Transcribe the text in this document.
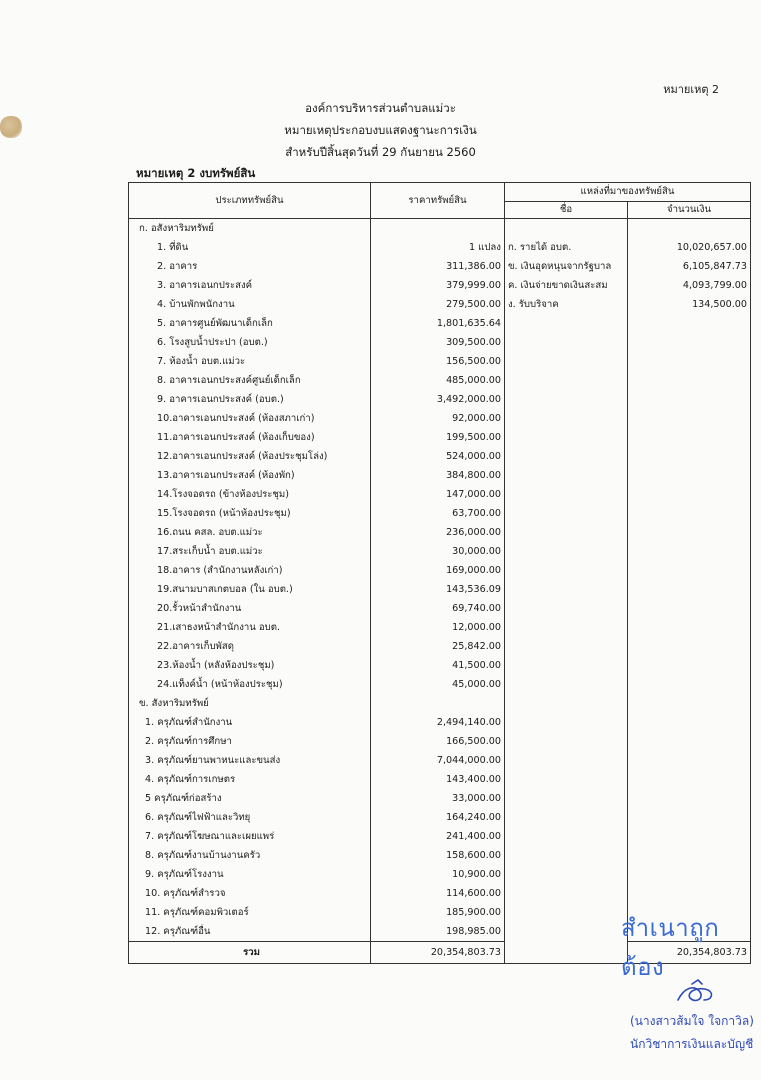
หมายเหตุ 2
องค์การบริหารส่วนตำบลแม่วะ
หมายเหตุประกอบงบแสดงฐานะการเงิน
สำหรับปีสิ้นสุดวันที่ 29 กันยายน 2560
หมายเหตุ 2 งบทรัพย์สิน
ประเภททรัพย์สิน	ราคาทรัพย์สิน	แหล่งที่มาของทรัพย์สิน	
		ชื่อ	จำนวนเงิน
ก. อสังหาริมทรัพย์			
1. ที่ดิน	1 แปลง	ก. รายได้ อบต.	10,020,657.00
2. อาคาร	311,386.00	ข. เงินอุดหนุนจากรัฐบาล	6,105,847.73
3. อาคารเอนกประสงค์	379,999.00	ค. เงินจ่ายขาดเงินสะสม	4,093,799.00
4. บ้านพักพนักงาน	279,500.00	ง. รับบริจาค	134,500.00
5. อาคารศูนย์พัฒนาเด็กเล็ก	1,801,635.64		
6. โรงสูบน้ำประปา (อบต.)	309,500.00		
7. ห้องน้ำ อบต.แม่วะ	156,500.00		
8. อาคารเอนกประสงค์ศูนย์เด็กเล็ก	485,000.00		
9. อาคารเอนกประสงค์ (อบต.)	3,492,000.00		
10.อาคารเอนกประสงค์ (ห้องสภาเก่า)	92,000.00		
11.อาคารเอนกประสงค์ (ห้องเก็บของ)	199,500.00		
12.อาคารเอนกประสงค์ (ห้องประชุมโล่ง)	524,000.00		
13.อาคารเอนกประสงค์ (ห้องพัก)	384,800.00		
14.โรงจอดรถ (ข้างห้องประชุม)	147,000.00		
15.โรงจอดรถ (หน้าห้องประชุม)	63,700.00		
16.ถนน คสล. อบต.แม่วะ	236,000.00		
17.สระเก็บน้ำ อบต.แม่วะ	30,000.00		
18.อาคาร (สำนักงานหลังเก่า)	169,000.00		
19.สนามบาสเกตบอล (ใน อบต.)	143,536.09		
20.รั้วหน้าสำนักงาน	69,740.00		
21.เสาธงหน้าสำนักงาน อบต.	12,000.00		
22.อาคารเก็บพัสดุ	25,842.00		
23.ห้องน้ำ (หลังห้องประชุม)	41,500.00		
24.แท็งค์น้ำ (หน้าห้องประชุม)	45,000.00		
ข. สังหาริมทรัพย์			
1. ครุภัณฑ์สำนักงาน	2,494,140.00		
2. ครุภัณฑ์การศึกษา	166,500.00		
3. ครุภัณฑ์ยานพาหนะและขนส่ง	7,044,000.00		
4. ครุภัณฑ์การเกษตร	143,400.00		
5 ครุภัณฑ์ก่อสร้าง	33,000.00		
6. ครุภัณฑ์ไฟฟ้าและวิทยุ	164,240.00		
7. ครุภัณฑ์โฆษณาและเผยแพร่	241,400.00		
8. ครุภัณฑ์งานบ้านงานครัว	158,600.00		
9. ครุภัณฑ์โรงงาน	10,900.00		
10. ครุภัณฑ์สำรวจ	114,600.00		
11. ครุภัณฑ์คอมพิวเตอร์	185,900.00		
12. ครุภัณฑ์อื่น	198,985.00		
รวม	20,354,803.73		20,354,803.73
สำเนาถูกต้อง
(นางสาวส้มใจ ใจกาวิล)
นักวิชาการเงินและบัญชี
